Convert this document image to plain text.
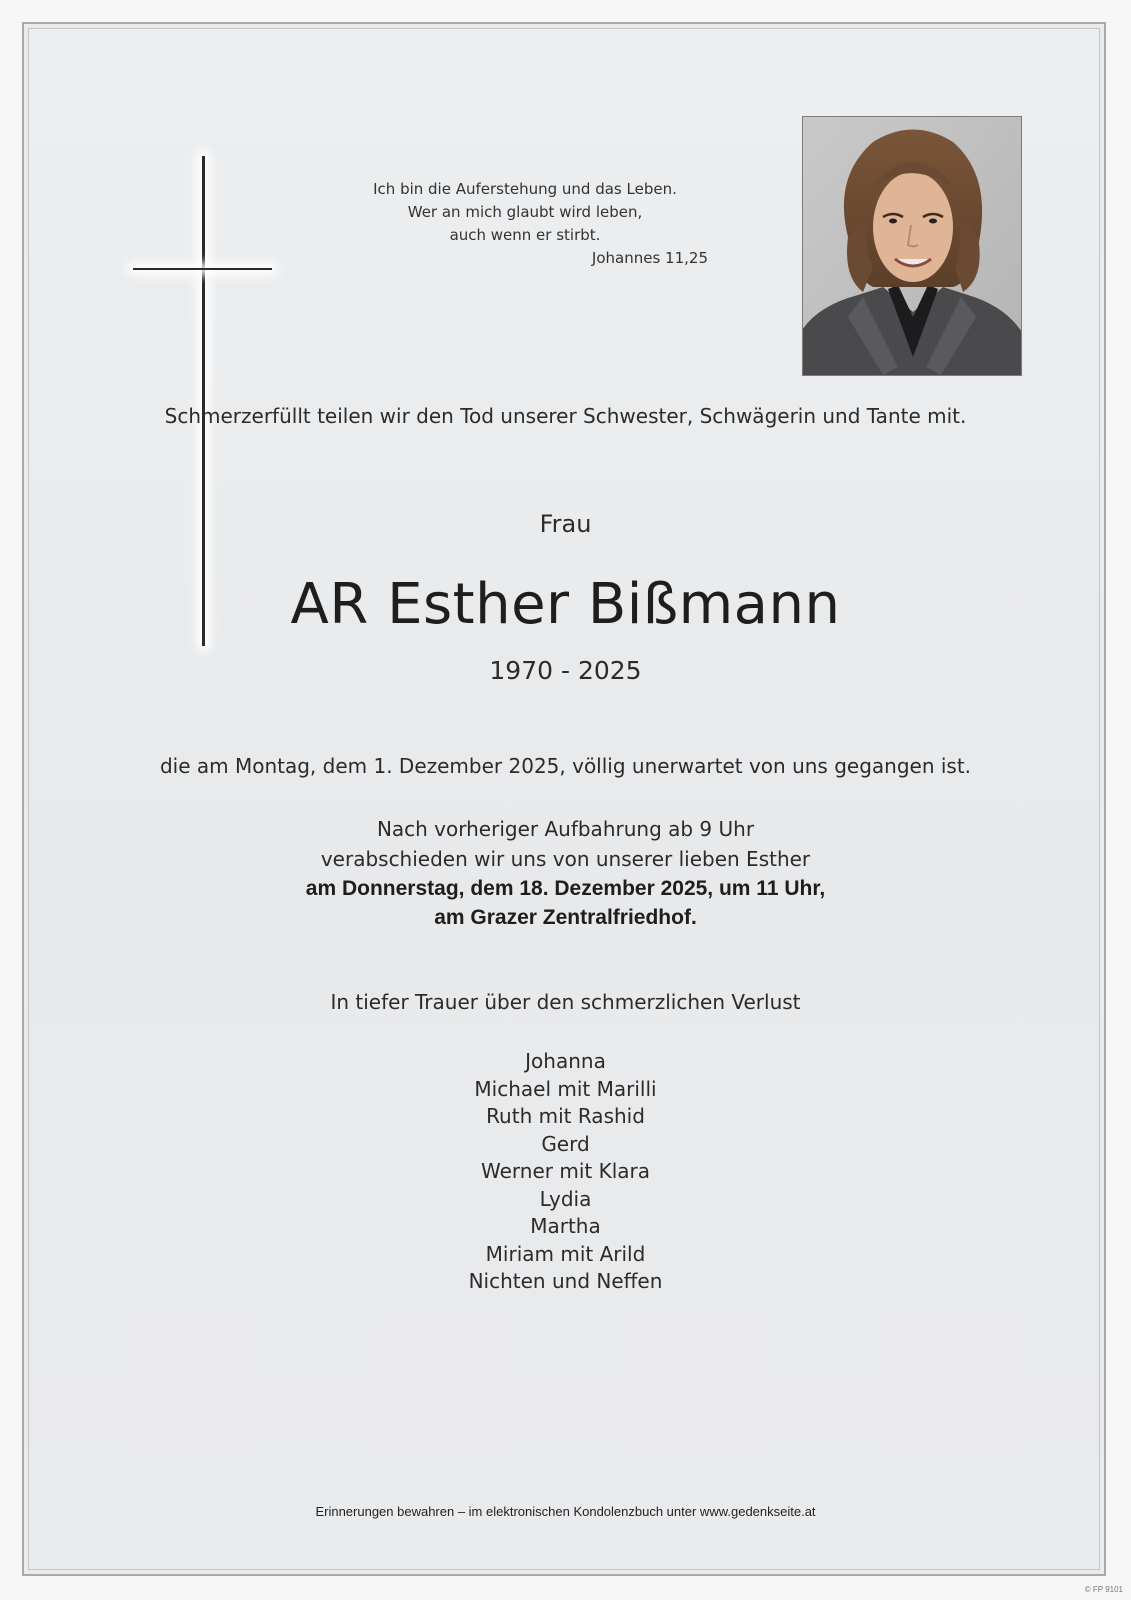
Ich bin die Auferstehung und das Leben.
Wer an mich glaubt wird leben,
auch wenn er stirbt.
Johannes 11,25
Schmerzerfüllt teilen wir den Tod unserer Schwester, Schwägerin und Tante mit.
Frau
AR Esther Bißmann
1970 - 2025
die am Montag, dem 1. Dezember 2025, völlig unerwartet von uns gegangen ist.
Nach vorheriger Aufbahrung ab 9 Uhr
verabschieden wir uns von unserer lieben Esther
am Donnerstag, dem 18. Dezember 2025, um 11 Uhr,
am Grazer Zentralfriedhof.
In tiefer Trauer über den schmerzlichen Verlust
Johanna
Michael mit Marilli
Ruth mit Rashid
Gerd
Werner mit Klara
Lydia
Martha
Miriam mit Arild
Nichten und Neffen
Erinnerungen bewahren – im elektronischen Kondolenzbuch unter www.gedenkseite.at
© FP 9101
